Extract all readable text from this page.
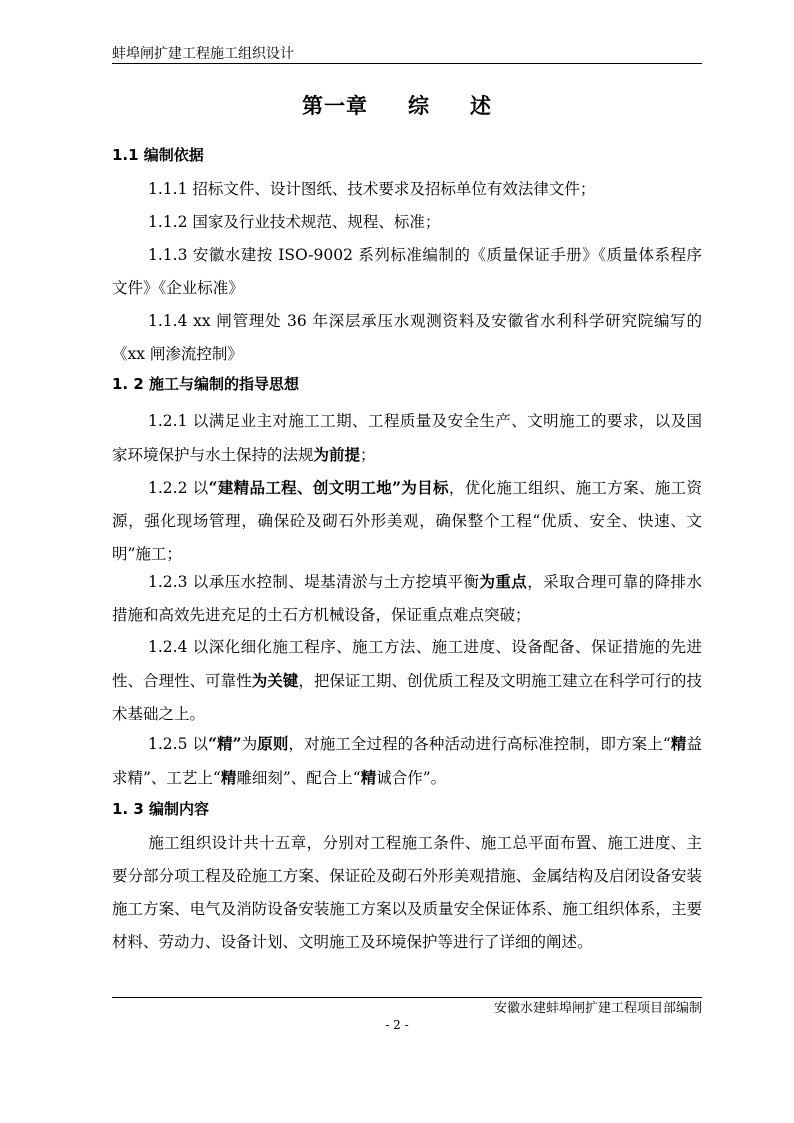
蚌埠闸扩建工程施工组织设计
第一章 综 述
1.1 编制依据
1.1.1 招标文件、设计图纸、技术要求及招标单位有效法律文件；
1.1.2 国家及行业技术规范、规程、标准；
1.1.3 安徽水建按 ISO-9002 系列标准编制的《质量保证手册》《质量体系程序文件》《企业标准》
1.1.4 xx 闸管理处 36 年深层承压水观测资料及安徽省水利科学研究院编写的《xx 闸渗流控制》
1. 2 施工与编制的指导思想
1.2.1 以满足业主对施工工期、工程质量及安全生产、文明施工的要求，以及国家环境保护与水土保持的法规为前提；
1.2.2 以“建精品工程、创文明工地”为目标，优化施工组织、施工方案、施工资源，强化现场管理，确保砼及砌石外形美观，确保整个工程“优质、安全、快速、文明”施工；
1.2.3 以承压水控制、堤基清淤与土方挖填平衡为重点，采取合理可靠的降排水措施和高效先进充足的土石方机械设备，保证重点难点突破；
1.2.4 以深化细化施工程序、施工方法、施工进度、设备配备、保证措施的先进性、合理性、可靠性为关键，把保证工期、创优质工程及文明施工建立在科学可行的技术基础之上。
1.2.5 以“精”为原则，对施工全过程的各种活动进行高标准控制，即方案上“精益求精”、工艺上“精雕细刻”、配合上“精诚合作”。
1. 3 编制内容
施工组织设计共十五章，分别对工程施工条件、施工总平面布置、施工进度、主要分部分项工程及砼施工方案、保证砼及砌石外形美观措施、金属结构及启闭设备安装施工方案、电气及消防设备安装施工方案以及质量安全保证体系、施工组织体系，主要材料、劳动力、设备计划、文明施工及环境保护等进行了详细的阐述。
安徽水建蚌埠闸扩建工程项目部编制
- 2 -
